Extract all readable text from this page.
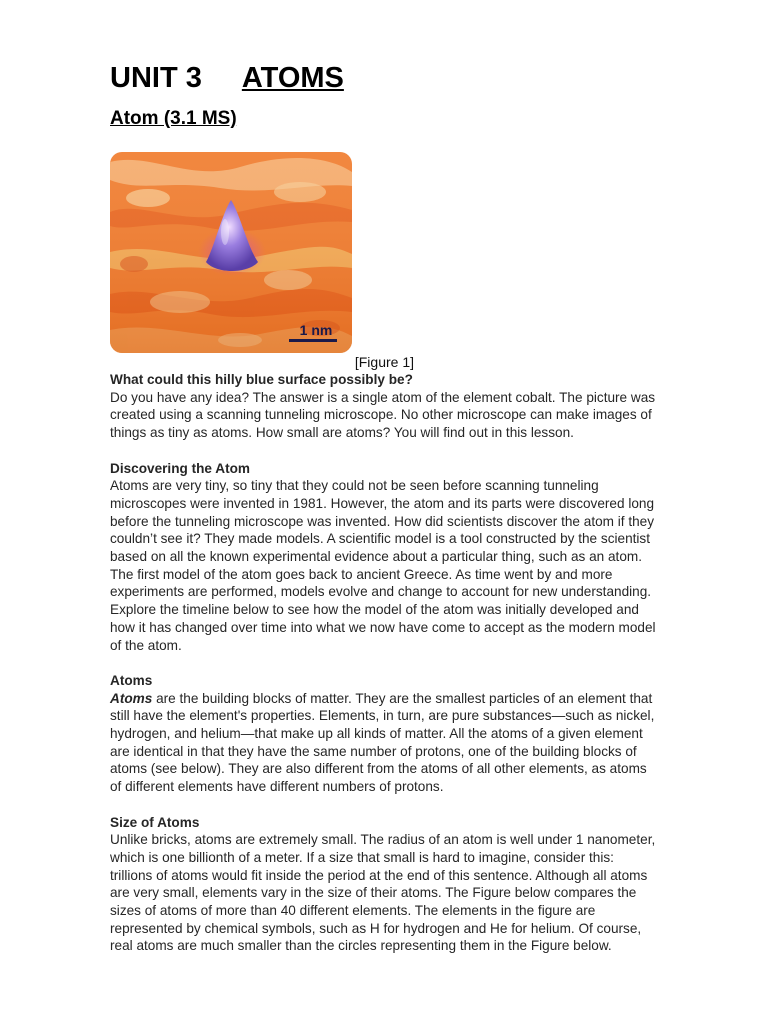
UNIT 3 ATOMS
Atom (3.1 MS)
1 nm
[Figure 1]

What could this hilly blue surface possibly be?

Do you have any idea? The answer is a single atom of the element cobalt. The picture was created using a scanning tunneling microscope. No other microscope can make images of things as tiny as atoms. How small are atoms? You will find out in this lesson.

Discovering the Atom

Atoms are very tiny, so tiny that they could not be seen before scanning tunneling microscopes were invented in 1981. However, the atom and its parts were discovered long before the tunneling microscope was invented. How did scientists discover the atom if they couldn’t see it? They made models. A scientific model is a tool constructed by the scientist based on all the known experimental evidence about a particular thing, such as an atom. The first model of the atom goes back to ancient Greece. As time went by and more experiments are performed, models evolve and change to account for new understanding. Explore the timeline below to see how the model of the atom was initially developed and how it has changed over time into what we now have come to accept as the modern model of the atom.

Atoms

Atoms are the building blocks of matter. They are the smallest particles of an element that still have the element's properties. Elements, in turn, are pure substances—such as nickel, hydrogen, and helium—that make up all kinds of matter. All the atoms of a given element are identical in that they have the same number of protons, one of the building blocks of atoms (see below). They are also different from the atoms of all other elements, as atoms of different elements have different numbers of protons.

Size of Atoms

Unlike bricks, atoms are extremely small. The radius of an atom is well under 1 nanometer, which is one billionth of a meter. If a size that small is hard to imagine, consider this: trillions of atoms would fit inside the period at the end of this sentence. Although all atoms are very small, elements vary in the size of their atoms. The Figure below compares the sizes of atoms of more than 40 different elements. The elements in the figure are represented by chemical symbols, such as H for hydrogen and He for helium. Of course, real atoms are much smaller than the circles representing them in the Figure below.
